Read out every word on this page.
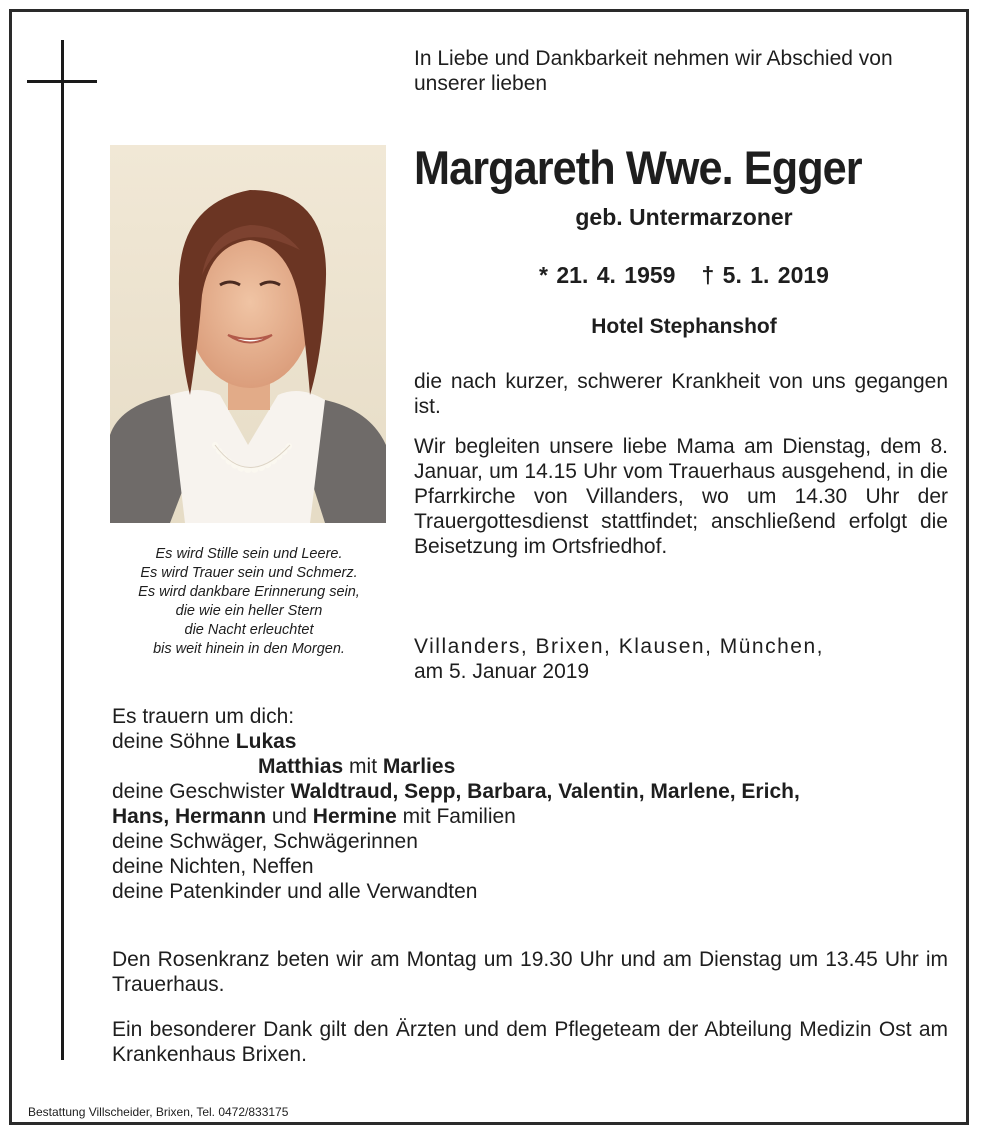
In Liebe und Dankbarkeit nehmen wir Abschied von unserer lieben
Margareth Wwe. Egger
geb. Untermarzoner
* 21. 4. 1959 † 5. 1. 2019
Hotel Stephanshof
Es wird Stille sein und Leere.
Es wird Trauer sein und Schmerz.
Es wird dankbare Erinnerung sein,
die wie ein heller Stern
die Nacht erleuchtet
bis weit hinein in den Morgen.
die nach kurzer, schwerer Krankheit von uns gegangen ist.
Wir begleiten unsere liebe Mama am Dienstag, dem 8. Januar, um 14.15 Uhr vom Trauerhaus ausgehend, in die Pfarrkirche von Villanders, wo um 14.30 Uhr der Trauergottesdienst stattfindet; anschließend erfolgt die Beisetzung im Ortsfriedhof.
Villanders, Brixen, Klausen, München,
am 5. Januar 2019
Es trauern um dich:
deine Söhne Lukas
Matthias mit Marlies
deine Geschwister Waldtraud, Sepp, Barbara, Valentin, Marlene, Erich,
Hans, Hermann und Hermine mit Familien
deine Schwäger, Schwägerinnen
deine Nichten, Neffen
deine Patenkinder und alle Verwandten
Den Rosenkranz beten wir am Montag um 19.30 Uhr und am Dienstag um 13.45 Uhr im Trauerhaus.
Ein besonderer Dank gilt den Ärzten und dem Pflegeteam der Abteilung Medizin Ost am Krankenhaus Brixen.
Bestattung Villscheider, Brixen, Tel. 0472/833175
